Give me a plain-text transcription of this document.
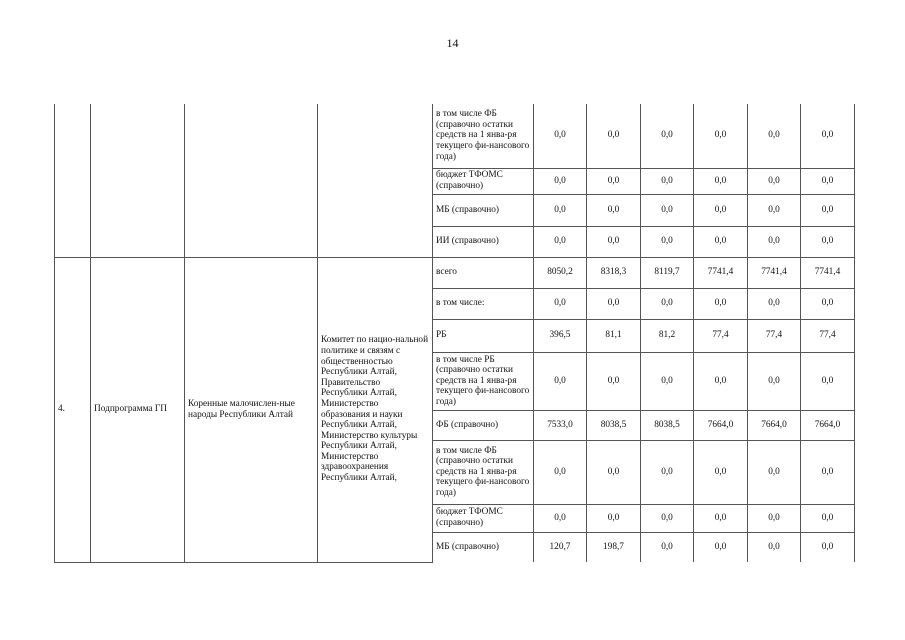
14
				в том числе ФБ (справочно остатки средств на 1 янва-ря текущего фи-нансового года)	0,0	0,0	0,0	0,0	0,0	0,0
				бюджет ТФОМС (справочно)	0,0	0,0	0,0	0,0	0,0	0,0
				МБ (справочно)	0,0	0,0	0,0	0,0	0,0	0,0
				ИИ (справочно)	0,0	0,0	0,0	0,0	0,0	0,0
4.	Подпрограмма ГП	Коренные малочислен-ные народы Республики Алтай	Комитет по нацио-нальной политике и связям с общественностью Республики Алтай, Правительство Республики Алтай, Министерство образования и науки Республики Алтай, Министерство культуры Республики Алтай, Министерство здравоохранения Республики Алтай,	всего	8050,2	8318,3	8119,7	7741,4	7741,4	7741,4
				в том числе:	0,0	0,0	0,0	0,0	0,0	0,0
				РБ	396,5	81,1	81,2	77,4	77,4	77,4
				в том числе РБ (справочно остатки средств на 1 янва-ря текущего фи-нансового года)	0,0	0,0	0,0	0,0	0,0	0,0
				ФБ (справочно)	7533,0	8038,5	8038,5	7664,0	7664,0	7664,0
				в том числе ФБ (справочно остатки средств на 1 янва-ря текущего фи-нансового года)	0,0	0,0	0,0	0,0	0,0	0,0
				бюджет ТФОМС (справочно)	0,0	0,0	0,0	0,0	0,0	0,0
				МБ (справочно)	120,7	198,7	0,0	0,0	0,0	0,0
